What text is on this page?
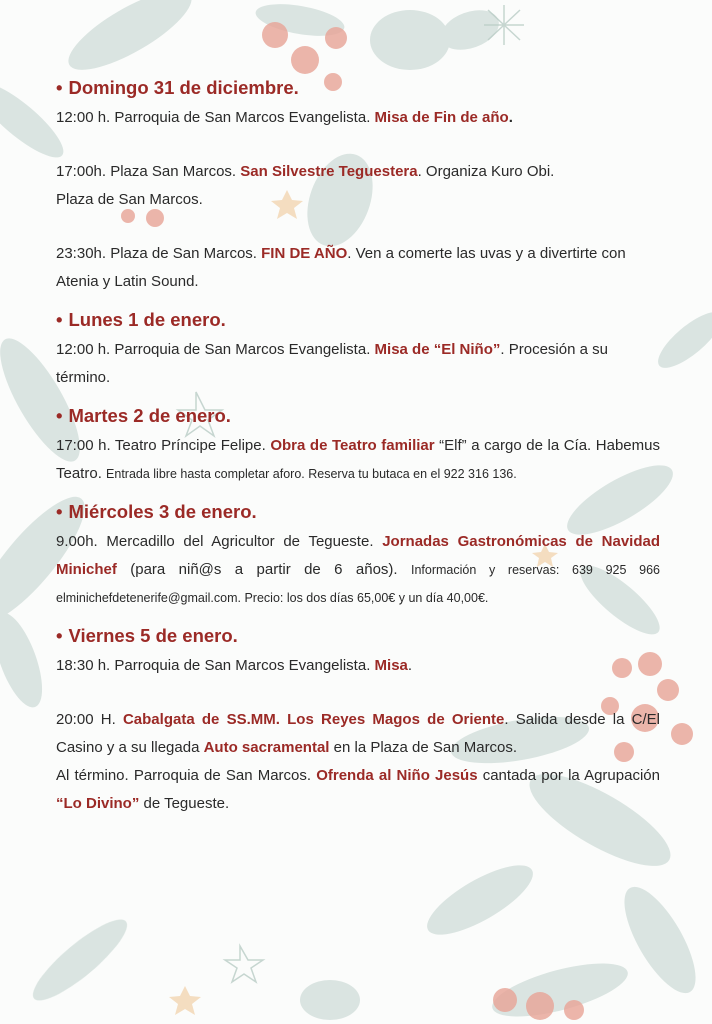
• Domingo 31 de diciembre.

12:00 h. Parroquia de San Marcos Evangelista. Misa de Fin de año.

17:00h. Plaza San Marcos. San Silvestre Teguestera. Organiza Kuro Obi.
Plaza de San Marcos.

23:30h. Plaza de San Marcos. FIN DE AÑO. Ven a comerte las uvas y a divertirte con Atenia y Latin Sound.

• Lunes 1 de enero.

12:00 h. Parroquia de San Marcos Evangelista. Misa de “El Niño”. Procesión a su término.

• Martes 2 de enero.

17:00 h. Teatro Príncipe Felipe. Obra de Teatro familiar “Elf” a cargo de la Cía. Habemus Teatro. Entrada libre hasta completar aforo. Reserva tu butaca en el 922 316 136.

• Miércoles 3 de enero.

9.00h. Mercadillo del Agricultor de Tegueste. Jornadas Gastronómicas de Navidad Minichef (para niñ@s a partir de 6 años). Información y reservas: 639 925 966 elminichefdetenerife@gmail.com. Precio: los dos días 65,00€ y un día 40,00€.

• Viernes 5 de enero.

18:30 h. Parroquia de San Marcos Evangelista. Misa.

20:00 H. Cabalgata de SS.MM. Los Reyes Magos de Oriente. Salida desde la C/El Casino y a su llegada Auto sacramental en la Plaza de San Marcos.
Al término. Parroquia de San Marcos. Ofrenda al Niño Jesús cantada por la Agrupación “Lo Divino” de Tegueste.
